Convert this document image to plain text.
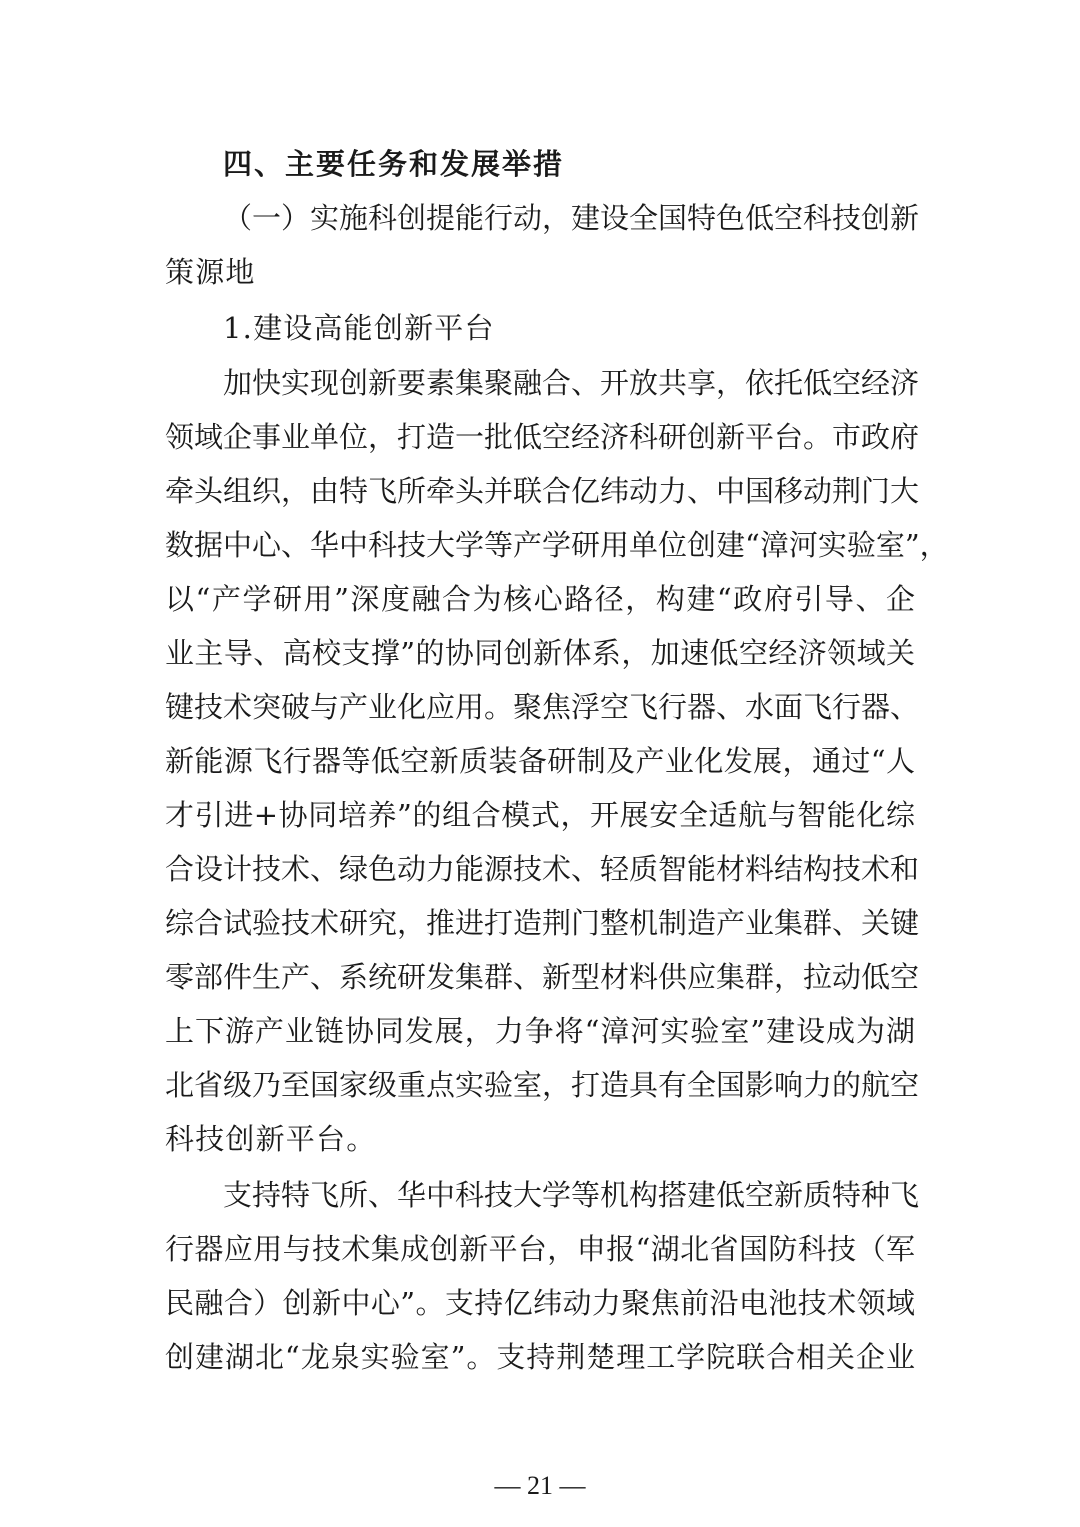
四、主要任务和发展举措
（一）实施科创提能行动，建设全国特色低空科技创新
策源地
1.建设高能创新平台
加快实现创新要素集聚融合、开放共享，依托低空经济
领域企事业单位，打造一批低空经济科研创新平台。市政府
牵头组织，由特飞所牵头并联合亿纬动力、中国移动荆门大
数据中心、华中科技大学等产学研用单位创建“漳河实验室”，
以“产学研用”深度融合为核心路径，构建“政府引导、企
业主导、高校支撑”的协同创新体系，加速低空经济领域关
键技术突破与产业化应用。聚焦浮空飞行器、水面飞行器、
新能源飞行器等低空新质装备研制及产业化发展，通过“人
才引进+协同培养”的组合模式，开展安全适航与智能化综
合设计技术、绿色动力能源技术、轻质智能材料结构技术和
综合试验技术研究，推进打造荆门整机制造产业集群、关键
零部件生产、系统研发集群、新型材料供应集群，拉动低空
上下游产业链协同发展，力争将“漳河实验室”建设成为湖
北省级乃至国家级重点实验室，打造具有全国影响力的航空
科技创新平台。
支持特飞所、华中科技大学等机构搭建低空新质特种飞
行器应用与技术集成创新平台，申报“湖北省国防科技（军
民融合）创新中心”。支持亿纬动力聚焦前沿电池技术领域
创建湖北“龙泉实验室”。支持荆楚理工学院联合相关企业
— 21 —
